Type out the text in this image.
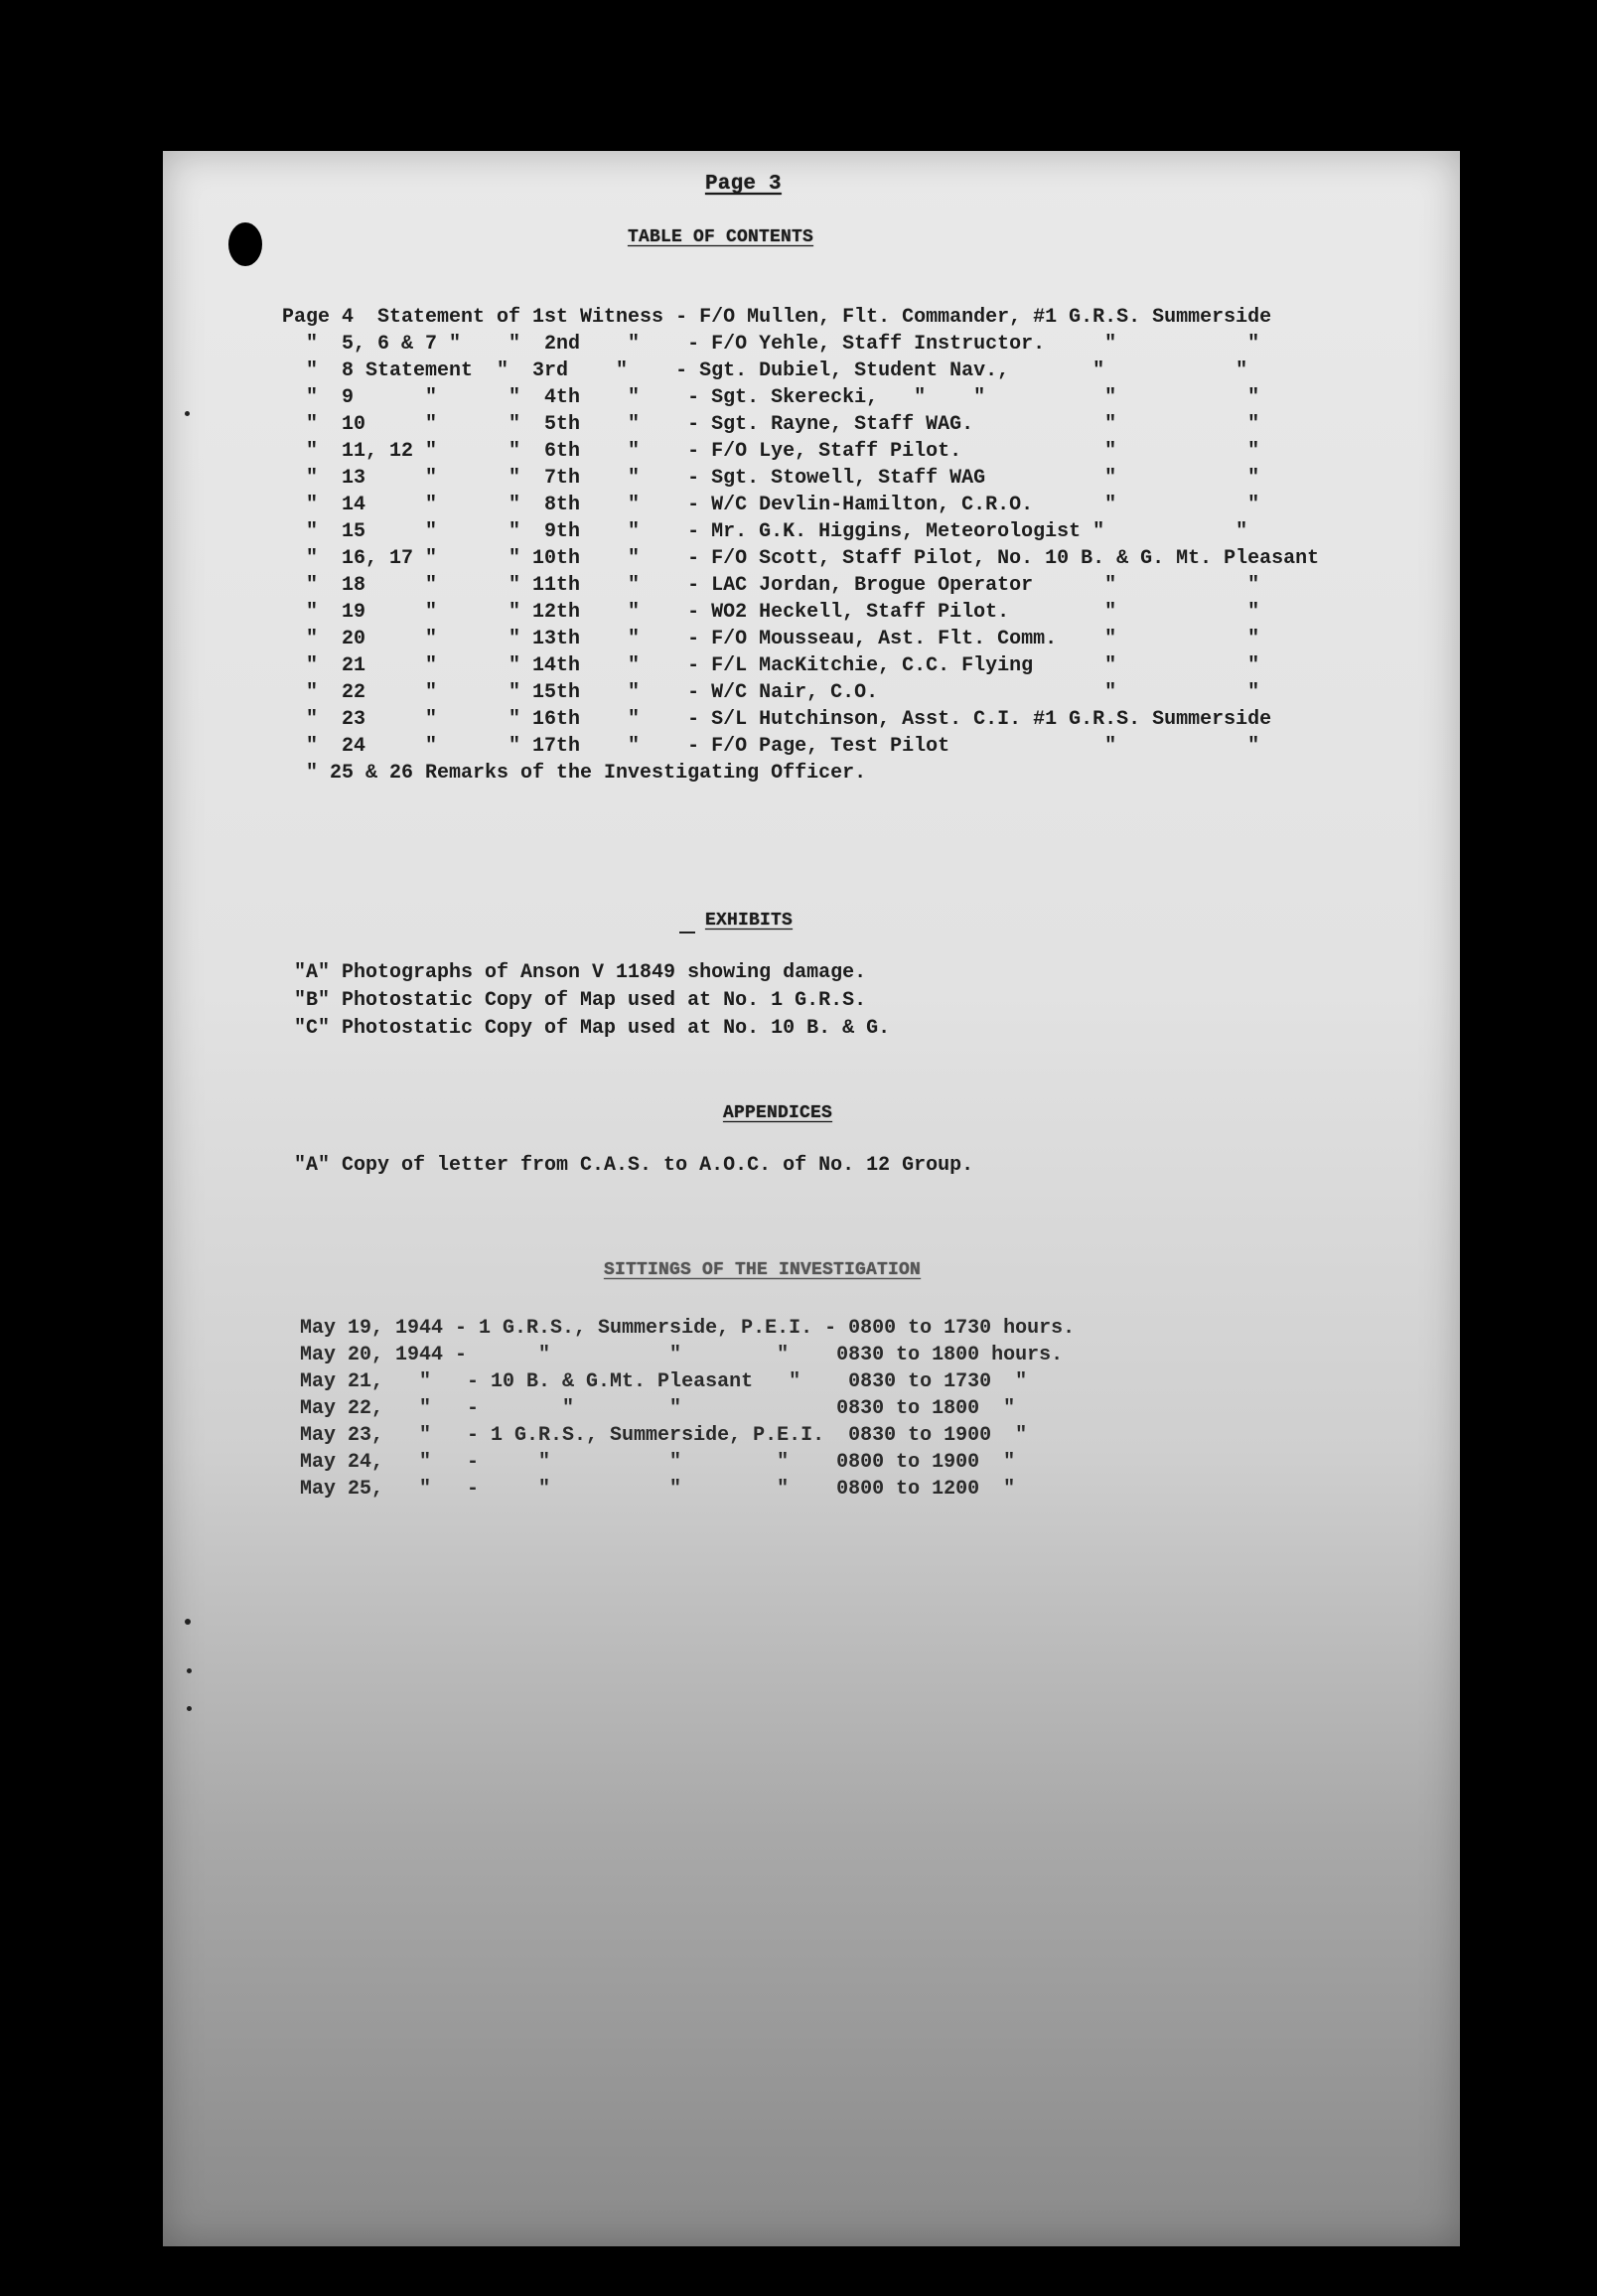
Page 3
TABLE OF CONTENTS
Page 4  Statement of 1st Witness - F/O Mullen, Flt. Commander, #1 G.R.S. Summerside
"  5, 6 & 7 "    "  2nd    "    - F/O Yehle, Staff Instructor.     "           "
"  8 Statement  "  3rd    "    - Sgt. Dubiel, Student Nav.,       "           "
"  9      "      "  4th    "    - Sgt. Skerecki,   "    "          "           "
"  10     "      "  5th    "    - Sgt. Rayne, Staff WAG.           "           "
"  11, 12 "      "  6th    "    - F/O Lye, Staff Pilot.            "           "
"  13     "      "  7th    "    - Sgt. Stowell, Staff WAG          "           "
"  14     "      "  8th    "    - W/C Devlin-Hamilton, C.R.O.      "           "
"  15     "      "  9th    "    - Mr. G.K. Higgins, Meteorologist "           "
"  16, 17 "      " 10th    "    - F/O Scott, Staff Pilot, No. 10 B. & G. Mt. Pleasant
"  18     "      " 11th    "    - LAC Jordan, Brogue Operator      "           "
"  19     "      " 12th    "    - WO2 Heckell, Staff Pilot.        "           "
"  20     "      " 13th    "    - F/O Mousseau, Ast. Flt. Comm.    "           "
"  21     "      " 14th    "    - F/L MacKitchie, C.C. Flying      "           "
"  22     "      " 15th    "    - W/C Nair, C.O.                   "           "
"  23     "      " 16th    "    - S/L Hutchinson, Asst. C.I. #1 G.R.S. Summerside
"  24     "      " 17th    "    - F/O Page, Test Pilot             "           "
" 25 & 26 Remarks of the Investigating Officer.
EXHIBITS
"A" Photographs of Anson V 11849 showing damage.
"B" Photostatic Copy of Map used at No. 1 G.R.S.
"C" Photostatic Copy of Map used at No. 10 B. & G.
APPENDICES
"A" Copy of letter from C.A.S. to A.O.C. of No. 12 Group.
SITTINGS OF THE INVESTIGATION
May 19, 1944 - 1 G.R.S., Summerside, P.E.I. - 0800 to 1730 hours.
May 20, 1944 -      "          "        "    0830 to 1800 hours.
May 21,   "   - 10 B. & G.Mt. Pleasant   "    0830 to 1730  "
May 22,   "   -       "        "             0830 to 1800  "
May 23,   "   - 1 G.R.S., Summerside, P.E.I.  0830 to 1900  "
May 24,   "   -     "          "        "    0800 to 1900  "
May 25,   "   -     "          "        "    0800 to 1200  "
